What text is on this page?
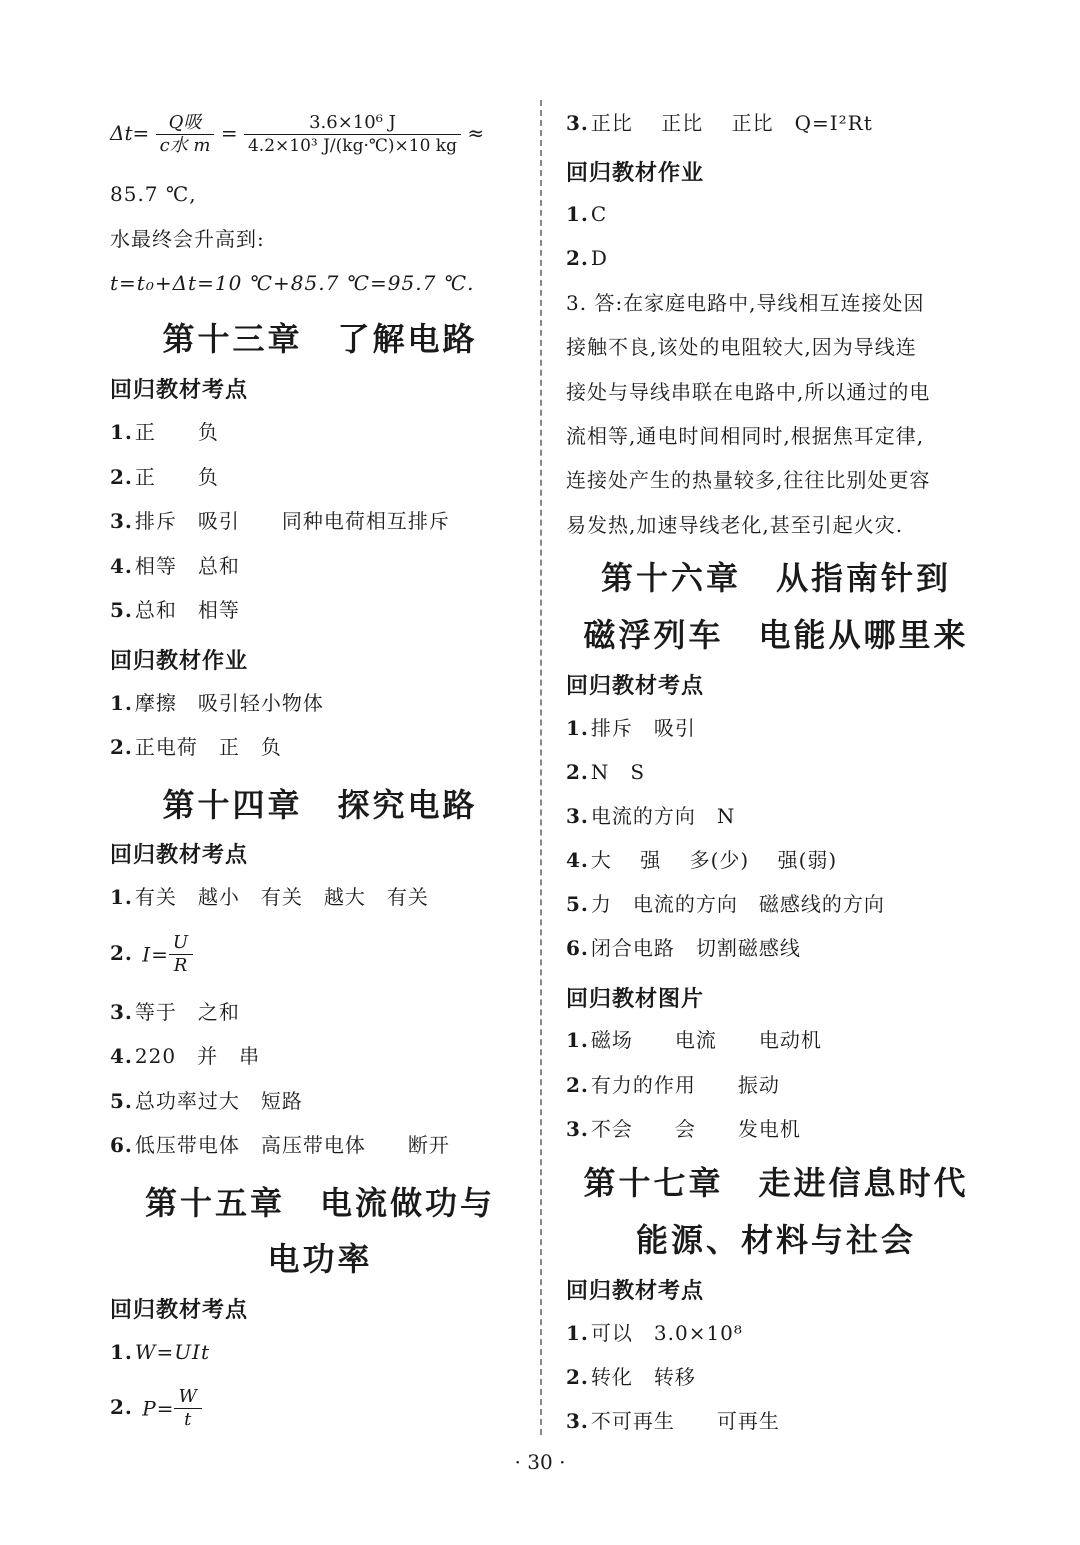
$\Delta t= \frac{\text{Q吸}}{\text{c水 m}} = \frac{\text{3.6×10⁶ J}}{\text{4.2×10³ J/(kg·℃)×10 kg}}$ ≈
85.7 ℃,
水最终会升高到:
t=t₀+Δt=10 ℃+85.7 ℃=95.7 ℃.
第十三章　了解电路
回归教材考点
1. 正　　负
2. 正　　负
3. 排斥　吸引　　同种电荷相互排斥
4. 相等　总和
5. 总和　相等
回归教材作业
1. 摩擦　吸引轻小物体
2. 正电荷　正　负
第十四章　探究电路
回归教材考点
1. 有关　越小　有关　越大　有关
2. $I= \frac{U}{R}$
3. 等于　之和
4. 220　并　串
5. 总功率过大　短路
6. 低压带电体　高压带电体　　断开
第十五章　电流做功与
电功率
回归教材考点
1. W=UIt
2. $P= \frac{W}{t}$
3. 正比　 正比　 正比　Q=I²Rt
回归教材作业
1. C
2. D
3. 答:在家庭电路中,导线相互连接处因
接触不良,该处的电阻较大,因为导线连
接处与导线串联在电路中,所以通过的电
流相等,通电时间相同时,根据焦耳定律,
连接处产生的热量较多,往往比别处更容
易发热,加速导线老化,甚至引起火灾.
第十六章　从指南针到
磁浮列车　电能从哪里来
回归教材考点
1. 排斥　吸引
2. N　S
3. 电流的方向　N
4. 大　 强　 多(少)　 强(弱)
5. 力　电流的方向　磁感线的方向
6. 闭合电路　切割磁感线
回归教材图片
1. 磁场　　电流　　电动机
2. 有力的作用　　振动
3. 不会　　会　　发电机
第十七章　走进信息时代
能源、材料与社会
回归教材考点
1. 可以　3.0×10⁸
2. 转化　转移
3. 不可再生　　可再生
· 30 ·
